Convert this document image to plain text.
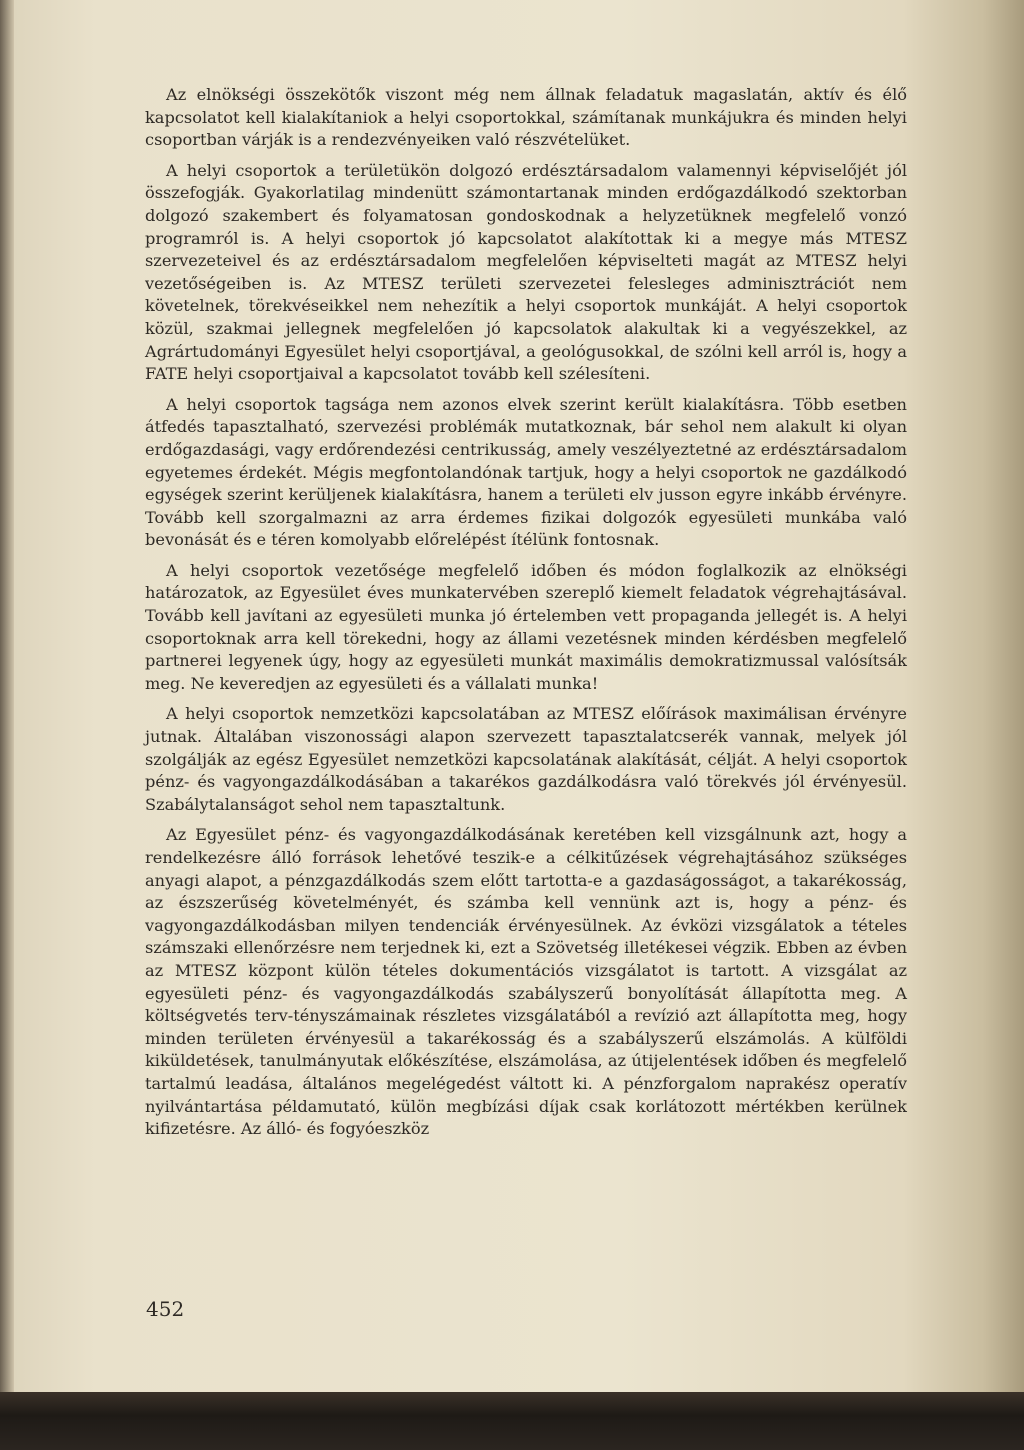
Az elnökségi összekötők viszont még nem állnak feladatuk magaslatán, aktív és élő kapcsolatot kell kialakítaniok a helyi csoportokkal, számítanak munkájukra és minden helyi csoportban várják is a rendezvényeiken való részvételüket.

A helyi csoportok a területükön dolgozó erdésztársadalom valamennyi képviselőjét jól összefogják. Gyakorlatilag mindenütt számontartanak minden erdőgazdálkodó szektorban dolgozó szakembert és folyamatosan gondoskodnak a helyzetüknek megfelelő vonzó programról is. A helyi csoportok jó kapcsolatot alakítottak ki a megye más MTESZ szervezeteivel és az erdésztársadalom megfelelően képviselteti magát az MTESZ helyi vezetőségeiben is. Az MTESZ területi szervezetei felesleges adminisztrációt nem követelnek, törekvéseikkel nem nehezítik a helyi csoportok munkáját. A helyi csoportok közül, szakmai jellegnek megfelelően jó kapcsolatok alakultak ki a vegyészekkel, az Agrártudományi Egyesület helyi csoportjával, a geológusokkal, de szólni kell arról is, hogy a FATE helyi csoportjaival a kapcsolatot tovább kell szélesíteni.

A helyi csoportok tagsága nem azonos elvek szerint került kialakításra. Több esetben átfedés tapasztalható, szervezési problémák mutatkoznak, bár sehol nem alakult ki olyan erdőgazdasági, vagy erdőrendezési centrikusság, amely veszélyeztetné az erdésztársadalom egyetemes érdekét. Mégis megfontolandónak tartjuk, hogy a helyi csoportok ne gazdálkodó egységek szerint kerüljenek kialakításra, hanem a területi elv jusson egyre inkább érvényre. Tovább kell szorgalmazni az arra érdemes fizikai dolgozók egyesületi munkába való bevonását és e téren komolyabb előrelépést ítélünk fontosnak.

A helyi csoportok vezetősége megfelelő időben és módon foglalkozik az elnökségi határozatok, az Egyesület éves munkatervében szereplő kiemelt feladatok végrehajtásával. Tovább kell javítani az egyesületi munka jó értelemben vett propaganda jellegét is. A helyi csoportoknak arra kell törekedni, hogy az állami vezetésnek minden kérdésben megfelelő partnerei legyenek úgy, hogy az egyesületi munkát maximális demokratizmussal valósítsák meg. Ne keveredjen az egyesületi és a vállalati munka!

A helyi csoportok nemzetközi kapcsolatában az MTESZ előírások maximálisan érvényre jutnak. Általában viszonossági alapon szervezett tapasztalatcserék vannak, melyek jól szolgálják az egész Egyesület nemzetközi kapcsolatának alakítását, célját. A helyi csoportok pénz- és vagyongazdálkodásában a takarékos gazdálkodásra való törekvés jól érvényesül. Szabálytalanságot sehol nem tapasztaltunk.

Az Egyesület pénz- és vagyongazdálkodásának keretében kell vizsgálnunk azt, hogy a rendelkezésre álló források lehetővé teszik-e a célkitűzések végrehajtásához szükséges anyagi alapot, a pénzgazdálkodás szem előtt tartotta-e a gazdaságosságot, a takarékosság, az észszerűség követelményét, és számba kell vennünk azt is, hogy a pénz- és vagyongazdálkodásban milyen tendenciák érvényesülnek. Az évközi vizsgálatok a tételes számszaki ellenőrzésre nem terjednek ki, ezt a Szövetség illetékesei végzik. Ebben az évben az MTESZ központ külön tételes dokumentációs vizsgálatot is tartott. A vizsgálat az egyesületi pénz- és vagyongazdálkodás szabályszerű bonyolítását állapította meg. A költségvetés terv-tényszámainak részletes vizsgálatából a revízió azt állapította meg, hogy minden területen érvényesül a takarékosság és a szabályszerű elszámolás. A külföldi kiküldetések, tanulmányutak előkészítése, elszámolása, az útijelentések időben és megfelelő tartalmú leadása, általános megelégedést váltott ki. A pénzforgalom naprakész operatív nyilvántartása példamutató, külön megbízási díjak csak korlátozott mértékben kerülnek kifizetésre. Az álló- és fogyóeszköz

452
